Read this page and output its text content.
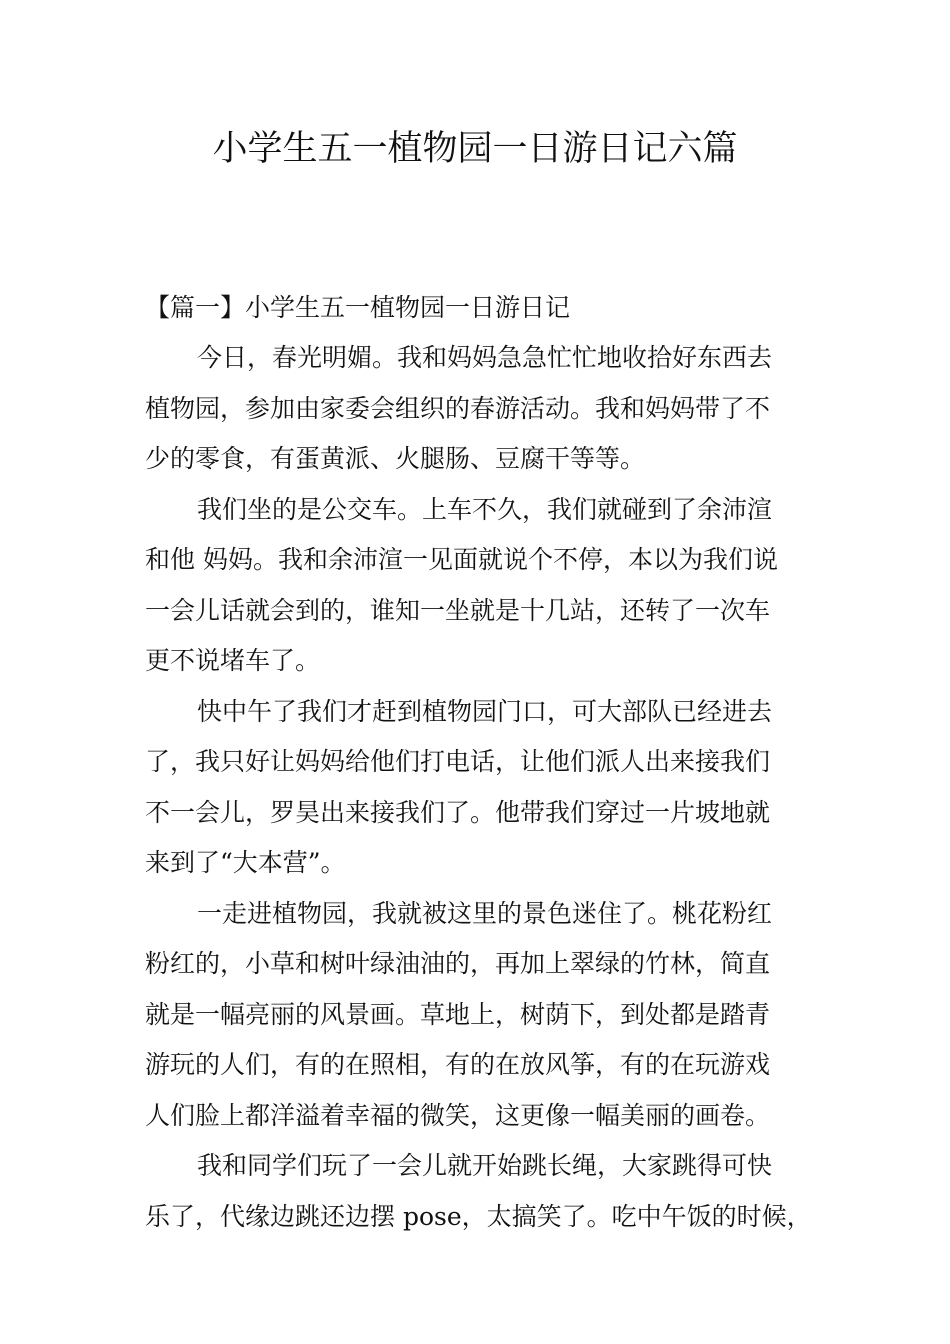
小学生五一植物园一日游日记六篇
【篇一】小学生五一植物园一日游日记

今日，春光明媚。我和妈妈急急忙忙地收拾好东西去
植物园，参加由家委会组织的春游活动。我和妈妈带了不
少的零食，有蛋黄派、火腿肠、豆腐干等等。

我们坐的是公交车。上车不久，我们就碰到了余沛渲
和他 妈妈。我和余沛渲一见面就说个不停，本以为我们说
一会儿话就会到的，谁知一坐就是十几站，还转了一次车
更不说堵车了。

快中午了我们才赶到植物园门口，可大部队已经进去
了，我只好让妈妈给他们打电话，让他们派人出来接我们
不一会儿，罗昊出来接我们了。他带我们穿过一片坡地就
来到了“大本营”。

一走进植物园，我就被这里的景色迷住了。桃花粉红
粉红的，小草和树叶绿油油的，再加上翠绿的竹林，简直
就是一幅亮丽的风景画。草地上，树荫下，到处都是踏青
游玩的人们，有的在照相，有的在放风筝，有的在玩游戏
人们脸上都洋溢着幸福的微笑，这更像一幅美丽的画卷。

我和同学们玩了一会儿就开始跳长绳，大家跳得可快
乐了，代缘边跳还边摆 pose，太搞笑了。吃中午饭的时候，
